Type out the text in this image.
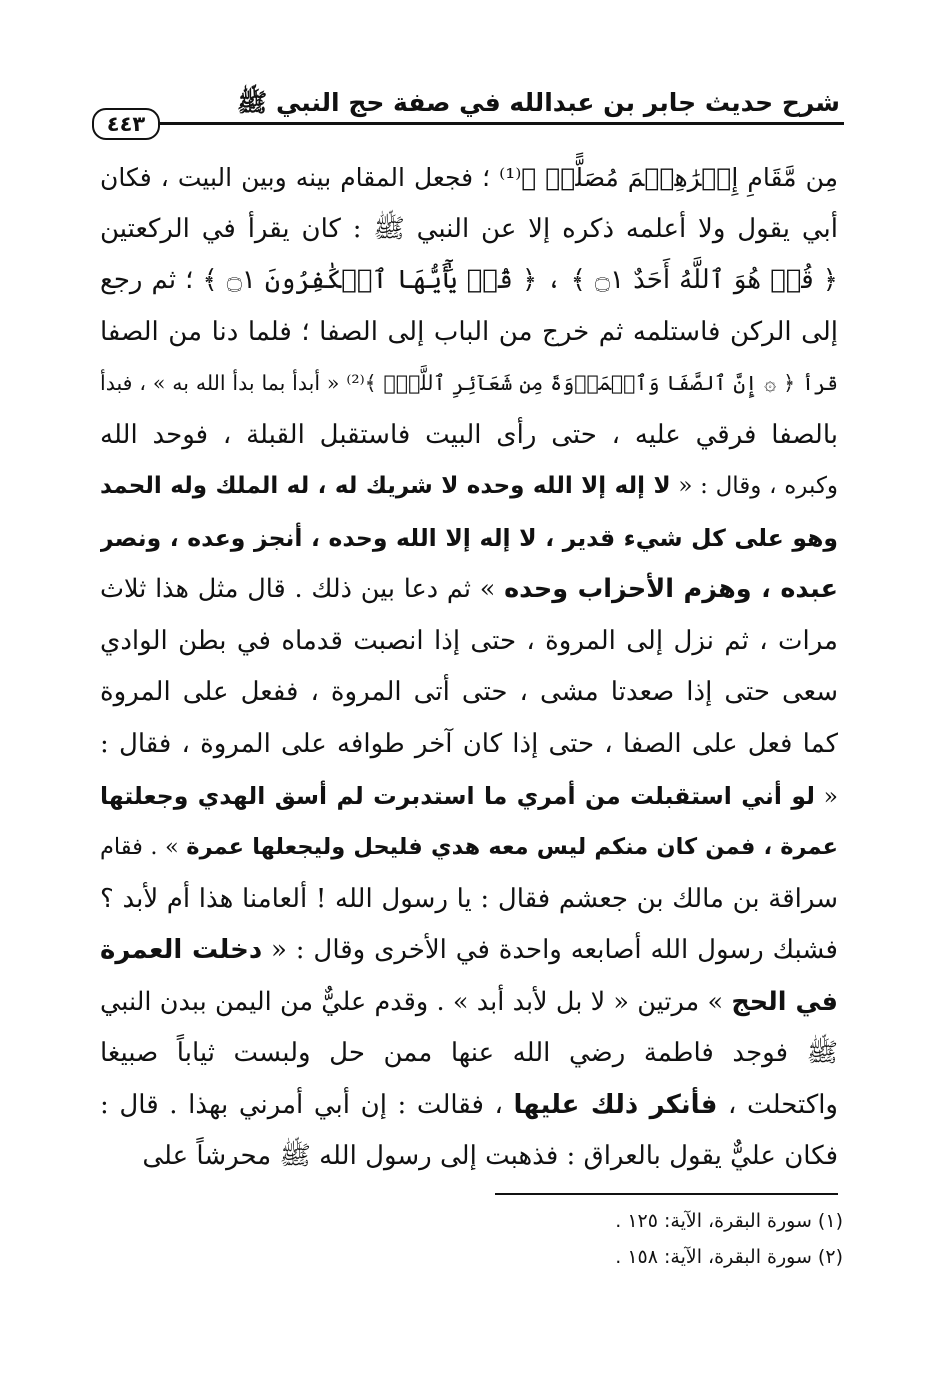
شرح حديث جابر بن عبدالله في صفة حج النبي ﷺ
٤٤٣
مِن مَّقَامِ إِبۡرَٰهِـۧمَ مُصَلًّىۖ ﴾⁽¹⁾ ؛ فجعل المقام بينه وبين البيت ، فكان
أبي يقول ولا أعلمه ذكره إلا عن النبي ﷺ : كان يقرأ في الركعتين
﴿ قُلۡ هُوَ ٱللَّهُ أَحَدٌ ۝١ ﴾ ، ﴿ قُلۡ يَٰٓأَيُّهَا ٱلۡكَٰفِرُونَ ۝١ ﴾ ؛ ثم رجع
إلى الركن فاستلمه ثم خرج من الباب إلى الصفا ؛ فلما دنا من الصفا
قرأ ﴿ ۞ إِنَّ ٱلصَّفَا وَٱلۡمَرۡوَةَ مِن شَعَآئِرِ ٱللَّهِۖ ﴾⁽²⁾ « أبدأ بما بدأ الله به » ، فبدأ
بالصفا فرقي عليه ، حتى رأى البيت فاستقبل القبلة ، فوحد الله
وكبره ، وقال : « لا إله إلا الله وحده لا شريك له ، له الملك وله الحمد
وهو على كل شيء قدير ، لا إله إلا الله وحده ، أنجز وعده ، ونصر
عبده ، وهزم الأحزاب وحده » ثم دعا بين ذلك . قال مثل هذا ثلاث
مرات ، ثم نزل إلى المروة ، حتى إذا انصبت قدماه في بطن الوادي
سعى حتى إذا صعدتا مشى ، حتى أتى المروة ، ففعل على المروة
كما فعل على الصفا ، حتى إذا كان آخر طوافه على المروة ، فقال :
« لو أني استقبلت من أمري ما استدبرت لم أسق الهدي وجعلتها
عمرة ، فمن كان منكم ليس معه هدي فليحل وليجعلها عمرة » . فقام
سراقة بن مالك بن جعشم فقال : يا رسول الله ! ألعامنا هذا أم لأبد ؟
فشبك رسول الله أصابعه واحدة في الأخرى وقال : « دخلت العمرة
في الحج » مرتين « لا بل لأبد أبد » . وقدم عليٌّ من اليمن ببدن النبي
ﷺ فوجد فاطمة رضي الله عنها ممن حل ولبست ثياباً صبيغا
واكتحلت ، فأنكر ذلك عليها ، فقالت : إن أبي أمرني بهذا . قال :
فكان عليٌّ يقول بالعراق : فذهبت إلى رسول الله ﷺ محرشاً على
(١) سورة البقرة، الآية: ١٢٥ .
(٢) سورة البقرة، الآية: ١٥٨ .
